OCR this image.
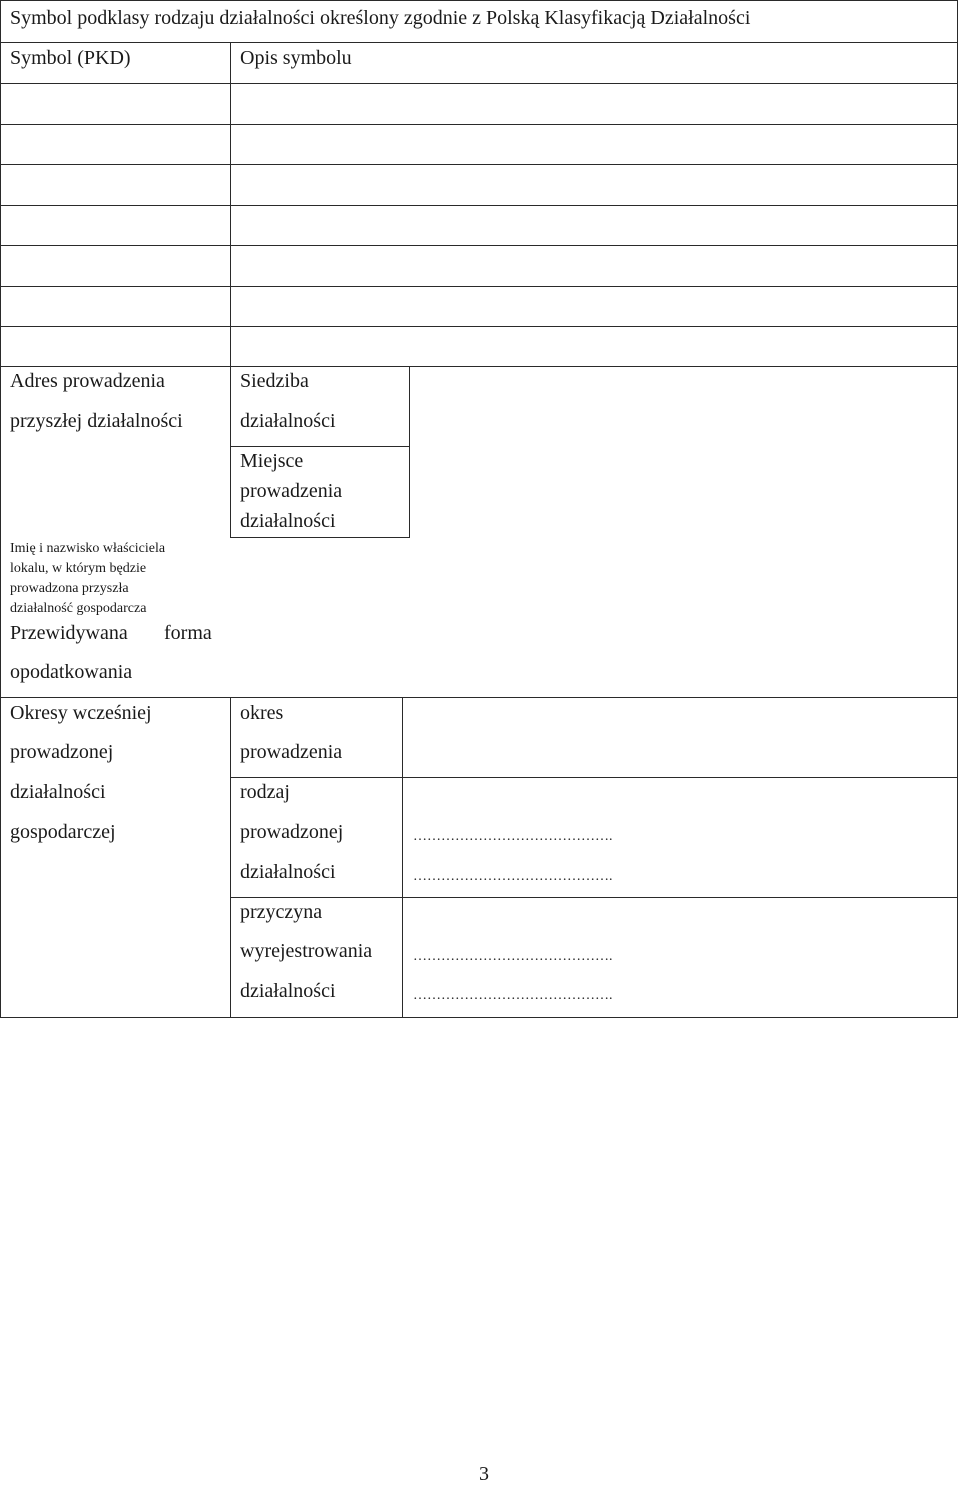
Symbol podklasy rodzaju działalności określony zgodnie z Polską Klasyfikacją Działalności
Symbol (PKD)	Opis symbolu
Adres prowadzenia
przyszłej działalności
Siedziba
działalności
Miejsce
prowadzenia
działalności
Imię i nazwisko właściciela
lokalu, w którym będzie
prowadzona przyszła
działalność gospodarcza
Przewidywana forma
opodatkowania
Okresy wcześniej
prowadzonej
działalności
gospodarczej
okres
prowadzenia
rodzaj
prowadzonej
działalności
…………………………………….
…………………………………….
przyczyna
wyrejestrowania
działalności
…………………………………….
…………………………………….
3
